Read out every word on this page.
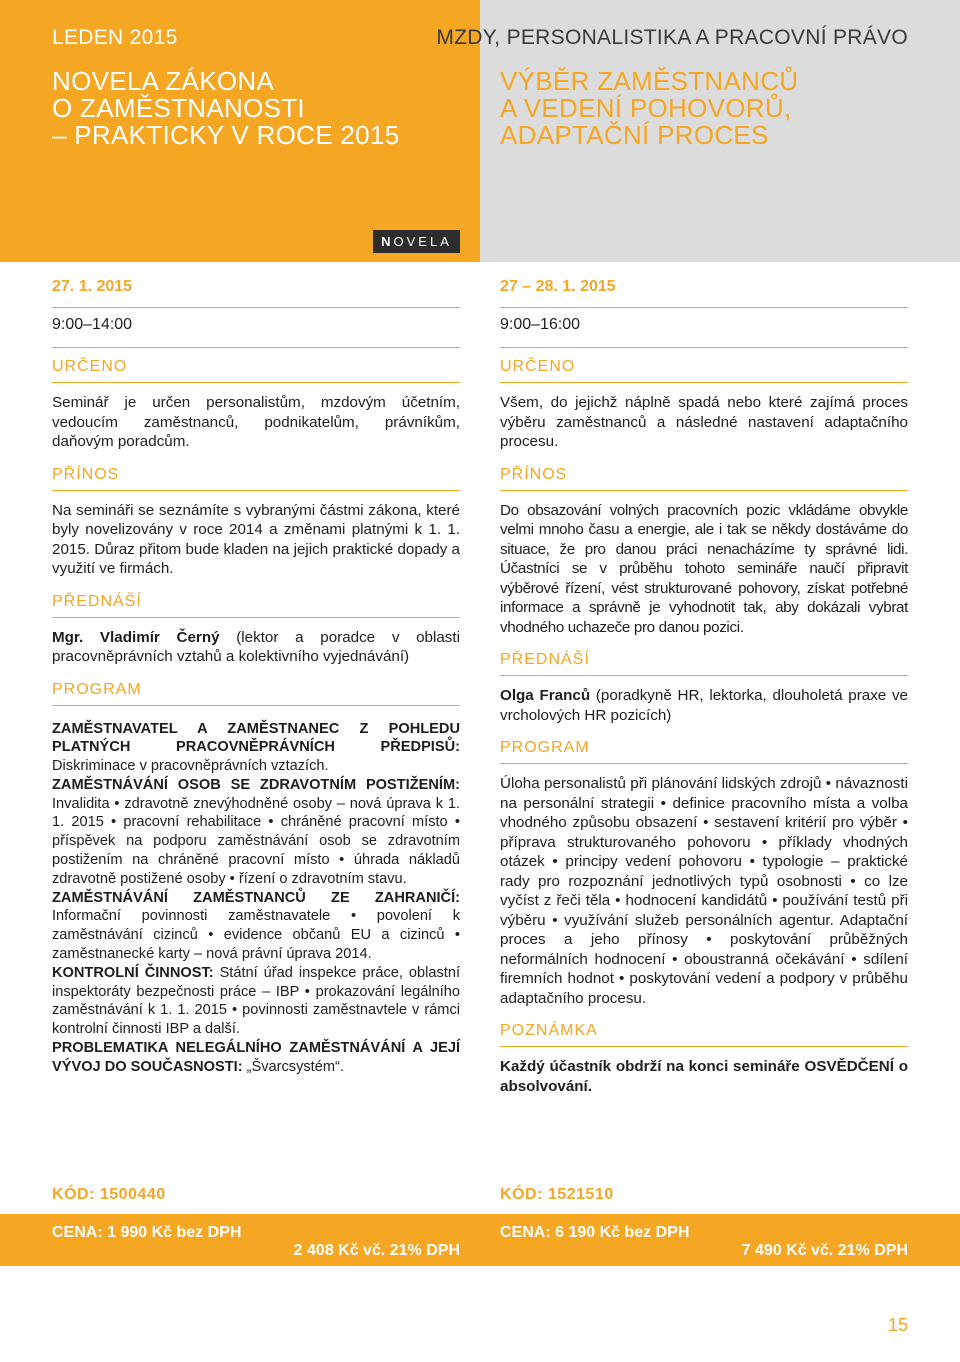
LEDEN 2015	MZDY, PERSONALISTIKA A PRACOVNÍ PRÁVO
NOVELA ZÁKONA
O ZAMĚSTNANOSTI
– PRAKTICKY V ROCE 2015
VÝBĚR ZAMĚSTNANCŮ
A VEDENÍ POHOVORŮ,
ADAPTAČNÍ PROCES
NOVELA
27. 1. 2015
9:00–14:00
URČENO

Seminář je určen personalistům, mzdovým účetním, vedoucím zaměstnanců, podnikatelům, právníkům, daňovým poradcům.

PŘÍNOS

Na semináři se seznámíte s vybranými částmi zákona, které byly novelizovány v roce 2014 a změnami platnými k 1. 1. 2015. Důraz přitom bude kladen na jejich praktické dopady a využití ve firmách.

PŘEDNÁŠÍ

Mgr. Vladimír Černý (lektor a poradce v oblasti pracovněprávních vztahů a kolektivního vyjednávání)

PROGRAM

ZAMĚSTNAVATEL A ZAMĚSTNANEC Z POHLEDU PLATNÝCH PRACOVNĚPRÁVNÍCH PŘEDPISŮ: Diskriminace v pracovněprávních vztazích.

ZAMĚSTNÁVÁNÍ OSOB SE ZDRAVOTNÍM POSTIŽENÍM: Invalidita • zdravotně znevýhodněné osoby – nová úprava k 1. 1. 2015 • pracovní rehabilitace • chráněné pracovní místo • příspěvek na podporu zaměstnávání osob se zdravotním postižením na chráněné pracovní místo • úhrada nákladů zdravotně postižené osoby • řízení o zdravotním stavu.

ZAMĚSTNÁVÁNÍ ZAMĚSTNANCŮ ZE ZAHRANIČÍ: Informační povinnosti zaměstnavatele • povolení k zaměstnávání cizinců • evidence občanů EU a cizinců • zaměstnanecké karty – nová právní úprava 2014.

KONTROLNÍ ČINNOST: Státní úřad inspekce práce, oblastní inspektoráty bezpečnosti práce – IBP • prokazování legálního zaměstnávání k 1. 1. 2015 • povinnosti zaměstnavtele v rámci kontrolní činnosti IBP a další.

PROBLEMATIKA NELEGÁLNÍHO ZAMĚSTNÁVÁNÍ A JEJÍ VÝVOJ DO SOUČASNOSTI: „Švarcsystém“.

KÓD: 1500440
27 – 28. 1. 2015
9:00–16:00
URČENO

Všem, do jejichž náplně spadá nebo které zajímá proces výběru zaměstnanců a následné nastavení adaptačního procesu.

PŘÍNOS

Do obsazování volných pracovních pozic vkládáme obvykle velmi mnoho času a energie, ale i tak se někdy dostáváme do situace, že pro danou práci nenacházíme ty správné lidi. Účastníci se v průběhu tohoto semináře naučí připravit výběrové řízení, vést strukturované pohovory, získat potřebné informace a správně je vyhodnotit tak, aby dokázali vybrat vhodného uchazeče pro danou pozici.

PŘEDNÁŠÍ

Olga Franců (poradkyně HR, lektorka, dlouholetá praxe ve vrcholových HR pozicích)

PROGRAM

Úloha personalistů při plánování lidských zdrojů • návaznosti na personální strategii • definice pracovního místa a volba vhodného způsobu obsazení • sestavení kritérií pro výběr • příprava strukturovaného pohovoru • příklady vhodných otázek • principy vedení pohovoru • typologie – praktické rady pro rozpoznání jednotlivých typů osobnosti • co lze vyčíst z řeči těla • hodnocení kandidátů • používání testů při výběru • využívání služeb personálních agentur. Adaptační proces a jeho přínosy • poskytování průběžných neformálních hodnocení • oboustranná očekávání • sdílení firemních hodnot • poskytování vedení a podpory v průběhu adaptačního procesu.

POZNÁMKA

Každý účastník obdrží na konci semináře OSVĚDČENÍ o absolvování.

KÓD: 1521510
CENA: 1 990 Kč bez DPH
2 408 Kč vč. 21% DPH
CENA: 6 190 Kč bez DPH
7 490 Kč vč. 21% DPH
15
